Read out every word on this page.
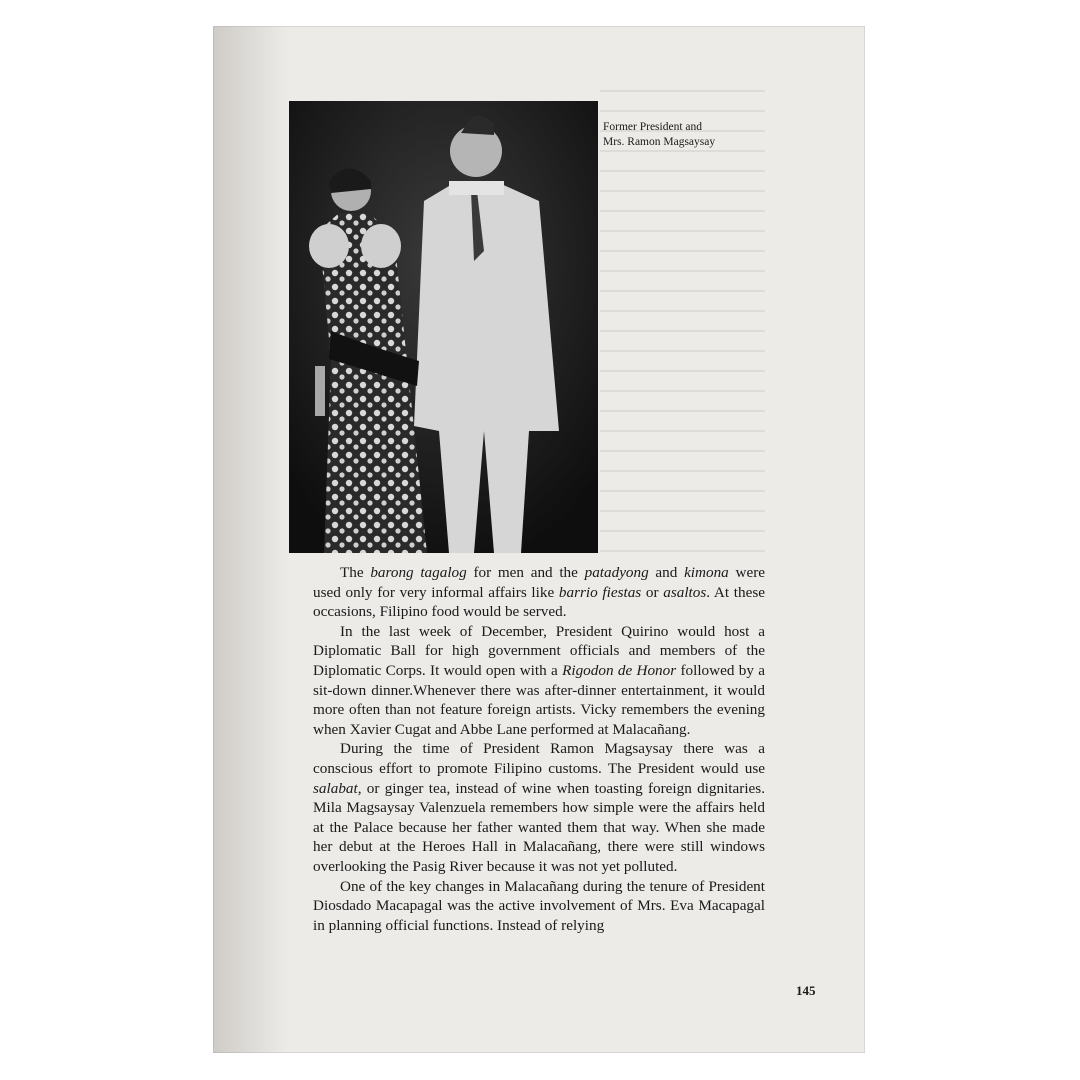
Former President and
Mrs. Ramon Magsaysay

The barong tagalog for men and the patadyong and kimona were used only for very informal affairs like barrio fiestas or asaltos. At these occasions, Filipino food would be served.

In the last week of December, President Quirino would host a Diplomatic Ball for high government officials and members of the Diplomatic Corps. It would open with a Rigodon de Honor followed by a sit-down dinner.Whenever there was after-dinner entertainment, it would more often than not feature foreign artists. Vicky remembers the evening when Xavier Cugat and Abbe Lane performed at Malacañang.

During the time of President Ramon Magsaysay there was a conscious effort to promote Filipino customs. The President would use salabat, or ginger tea, instead of wine when toasting foreign dignitaries. Mila Magsaysay Valenzuela remembers how simple were the affairs held at the Palace because her father wanted them that way. When she made her debut at the Heroes Hall in Malacañang, there were still windows overlooking the Pasig River because it was not yet polluted.

One of the key changes in Malacañang during the tenure of President Diosdado Macapagal was the active involvement of Mrs. Eva Macapagal in planning official functions. Instead of relying

145
